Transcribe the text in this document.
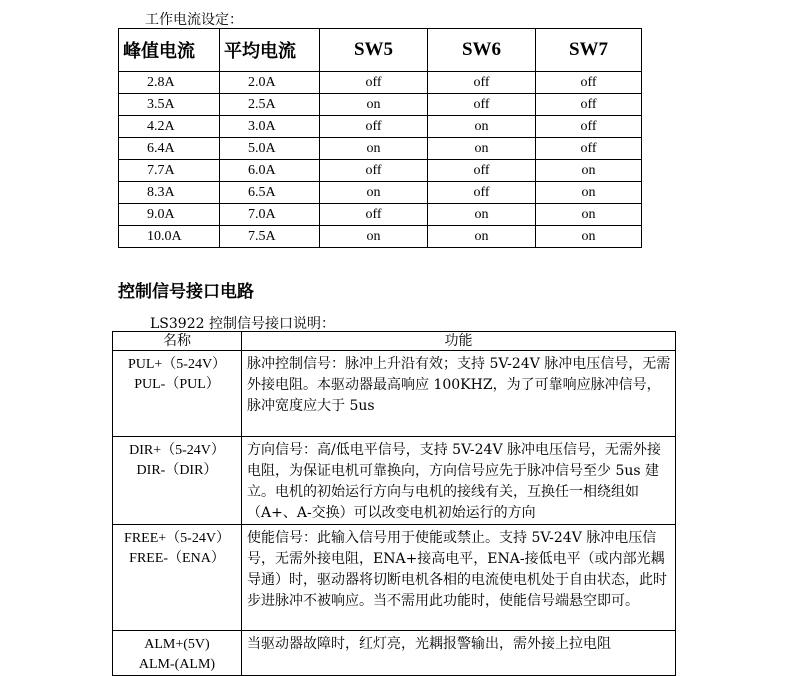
工作电流设定：
峰值电流	平均电流	SW5	SW6	SW7
2.8A	2.0A	off	off	off
3.5A	2.5A	on	off	off
4.2A	3.0A	off	on	off
6.4A	5.0A	on	on	off
7.7A	6.0A	off	off	on
8.3A	6.5A	on	off	on
9.0A	7.0A	off	on	on
10.0A	7.5A	on	on	on
控制信号接口电路
LS3922 控制信号接口说明：
名称	功能

PUL+（5-24V）
PUL-（PUL）	脉冲控制信号：脉冲上升沿有效；支持 5V-24V 脉冲电压信号，无需外接电阻。本驱动器最高响应 100KHZ，为了可靠响应脉冲信号，脉冲宽度应大于 5us

DIR+（5-24V）
DIR-（DIR）	方向信号：高/低电平信号，支持 5V-24V 脉冲电压信号，无需外接电阻，为保证电机可靠换向，方向信号应先于脉冲信号至少 5us 建立。电机的初始运行方向与电机的接线有关，互换任一相绕组如（A+、A-交换）可以改变电机初始运行的方向

FREE+（5-24V）
FREE-（ENA）	使能信号：此输入信号用于使能或禁止。支持 5V-24V 脉冲电压信号，无需外接电阻，ENA+接高电平，ENA-接低电平（或内部光耦导通）时，驱动器将切断电机各相的电流使电机处于自由状态，此时步进脉冲不被响应。当不需用此功能时，使能信号端悬空即可。

ALM+(5V)
ALM-(ALM)	当驱动器故障时，红灯亮，光耦报警输出，需外接上拉电阻
